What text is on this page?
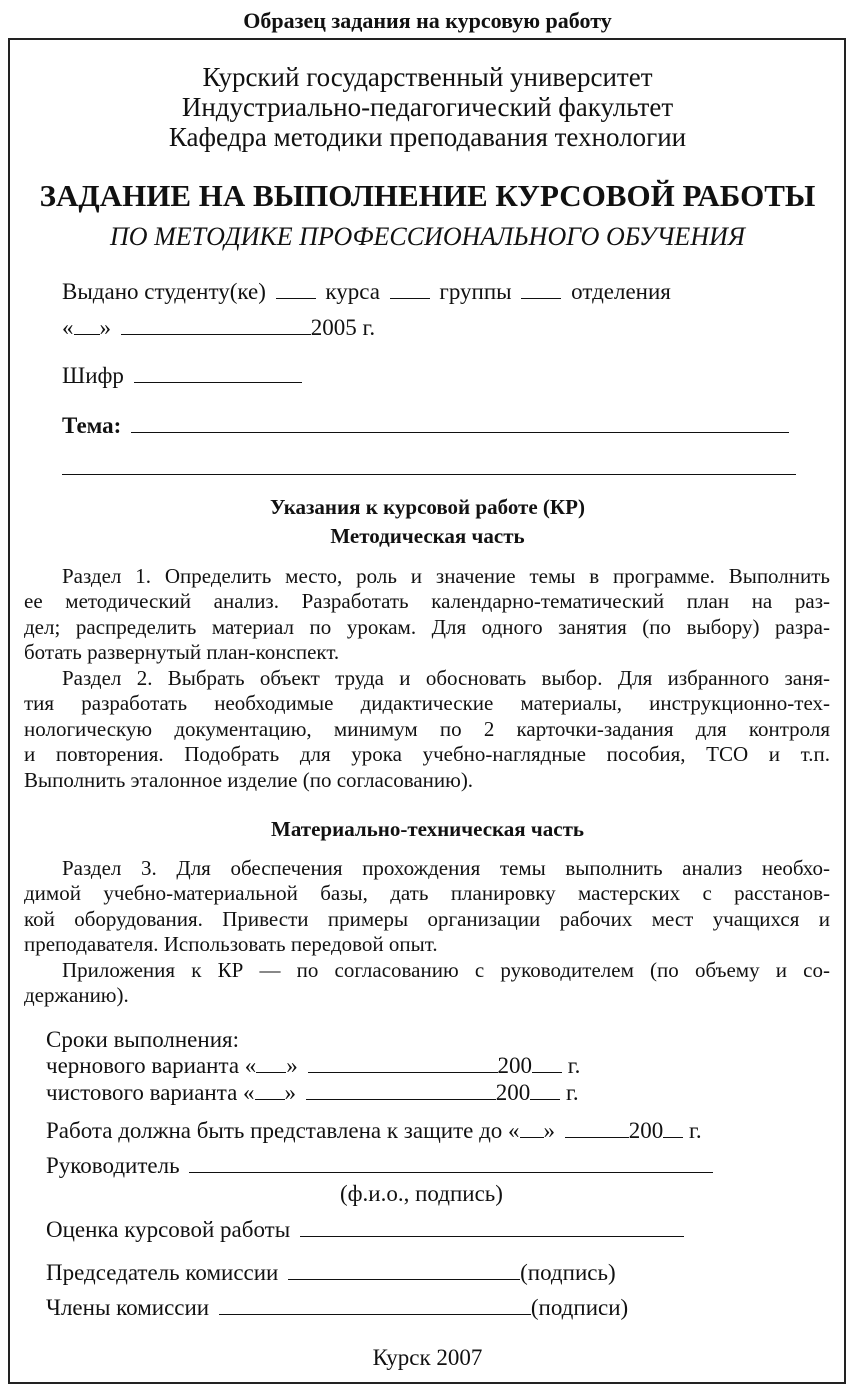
Образец задания на курсовую работу
Курский государственный университет
Индустриально-педагогический факультет
Кафедра методики преподавания технологии
ЗАДАНИЕ НА ВЫПОЛНЕНИЕ КУРСОВОЙ РАБОТЫ
ПО МЕТОДИКЕ ПРОФЕССИОНАЛЬНОГО ОБУЧЕНИЯ
Выдано студенту(ке)	курса	группы	отделения
« »	2005 г.
Шифр
Тема:
Указания к курсовой работе (КР)
Методическая часть
Раздел 1. Определить место, роль и значение темы в программе. Выполнить
ее методический анализ. Разработать календарно-тематический план на раз-
дел; распределить материал по урокам. Для одного занятия (по выбору) разра-
ботать развернутый план-конспект.
Раздел 2. Выбрать объект труда и обосновать выбор. Для избранного заня-
тия разработать необходимые дидактические материалы, инструкционно-тех-
нологическую документацию, минимум по 2 карточки-задания для контроля
и повторения. Подобрать для урока учебно-наглядные пособия, ТСО и т.п.
Выполнить эталонное изделие (по согласованию).
Материально-техническая часть
Раздел 3. Для обеспечения прохождения темы выполнить анализ необхо-
димой учебно-материальной базы, дать планировку мастерских с расстанов-
кой оборудования. Привести примеры организации рабочих мест учащихся и
преподавателя. Использовать передовой опыт.
Приложения к КР — по согласованию с руководителем (по объему и со-
держанию).
Сроки выполнения:
чернового варианта « »	200 г.
чистового варианта « »	200 г.
Работа должна быть представлена к защите до « »	200 г.
Руководитель
(ф.и.о., подпись)
Оценка курсовой работы
Председатель комиссии	(подпись)
Члены комиссии	(подписи)
Курск 2007
